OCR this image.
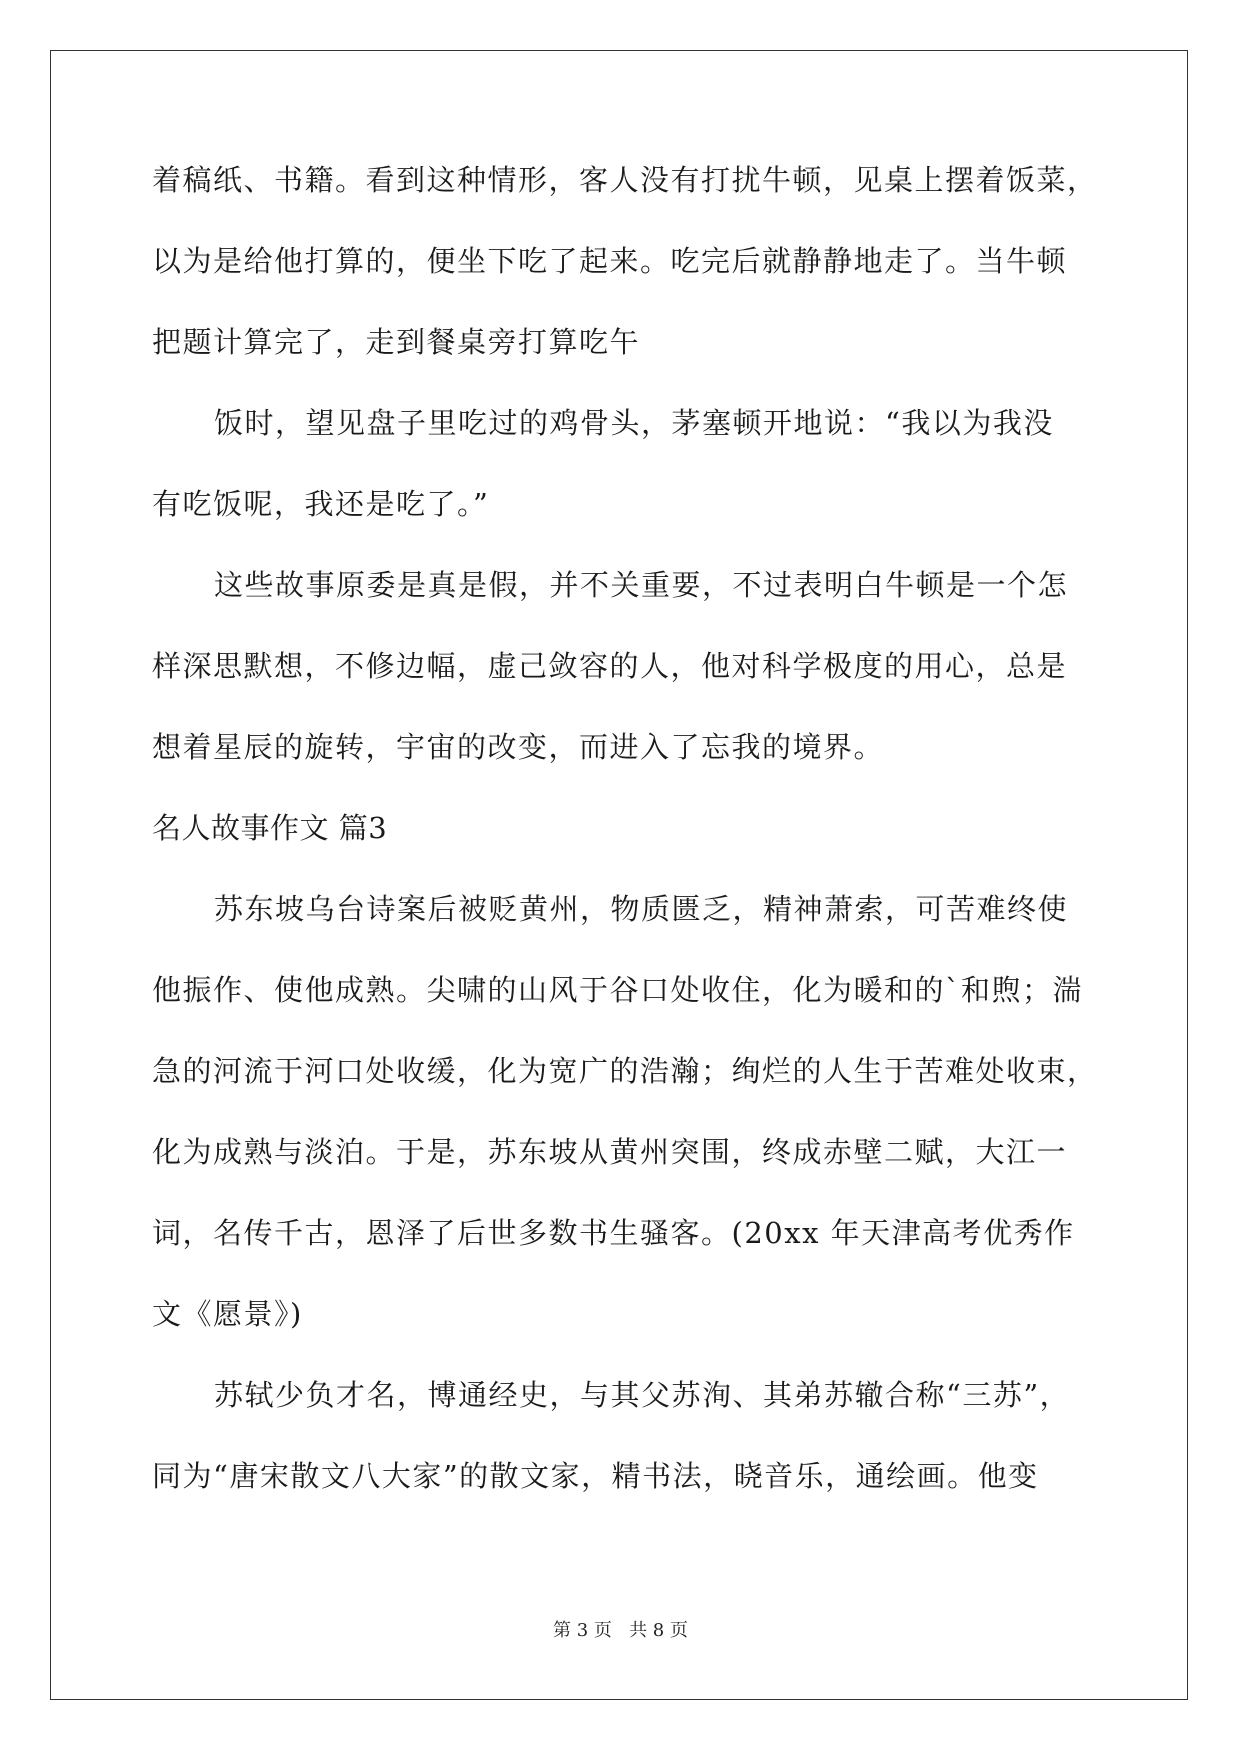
着稿纸、书籍。看到这种情形，客人没有打扰牛顿，见桌上摆着饭菜，
以为是给他打算的，便坐下吃了起来。吃完后就静静地走了。当牛顿
把题计算完了，走到餐桌旁打算吃午
饭时，望见盘子里吃过的鸡骨头，茅塞顿开地说：“我以为我没
有吃饭呢，我还是吃了。”
这些故事原委是真是假，并不关重要，不过表明白牛顿是一个怎
样深思默想，不修边幅，虚己敛容的人，他对科学极度的用心，总是
想着星辰的旋转，宇宙的改变，而进入了忘我的境界。
名人故事作文 篇3
苏东坡乌台诗案后被贬黄州，物质匮乏，精神萧索，可苦难终使
他振作、使他成熟。尖啸的山风于谷口处收住，化为暖和的`和煦；湍
急的河流于河口处收缓，化为宽广的浩瀚；绚烂的人生于苦难处收束，
化为成熟与淡泊。于是，苏东坡从黄州突围，终成赤壁二赋，大江一
词，名传千古，恩泽了后世多数书生骚客。(20xx 年天津高考优秀作
文《愿景》)
苏轼少负才名，博通经史，与其父苏洵、其弟苏辙合称“三苏”，
同为“唐宋散文八大家”的散文家，精书法，晓音乐，通绘画。他变
第 3 页   共 8 页
